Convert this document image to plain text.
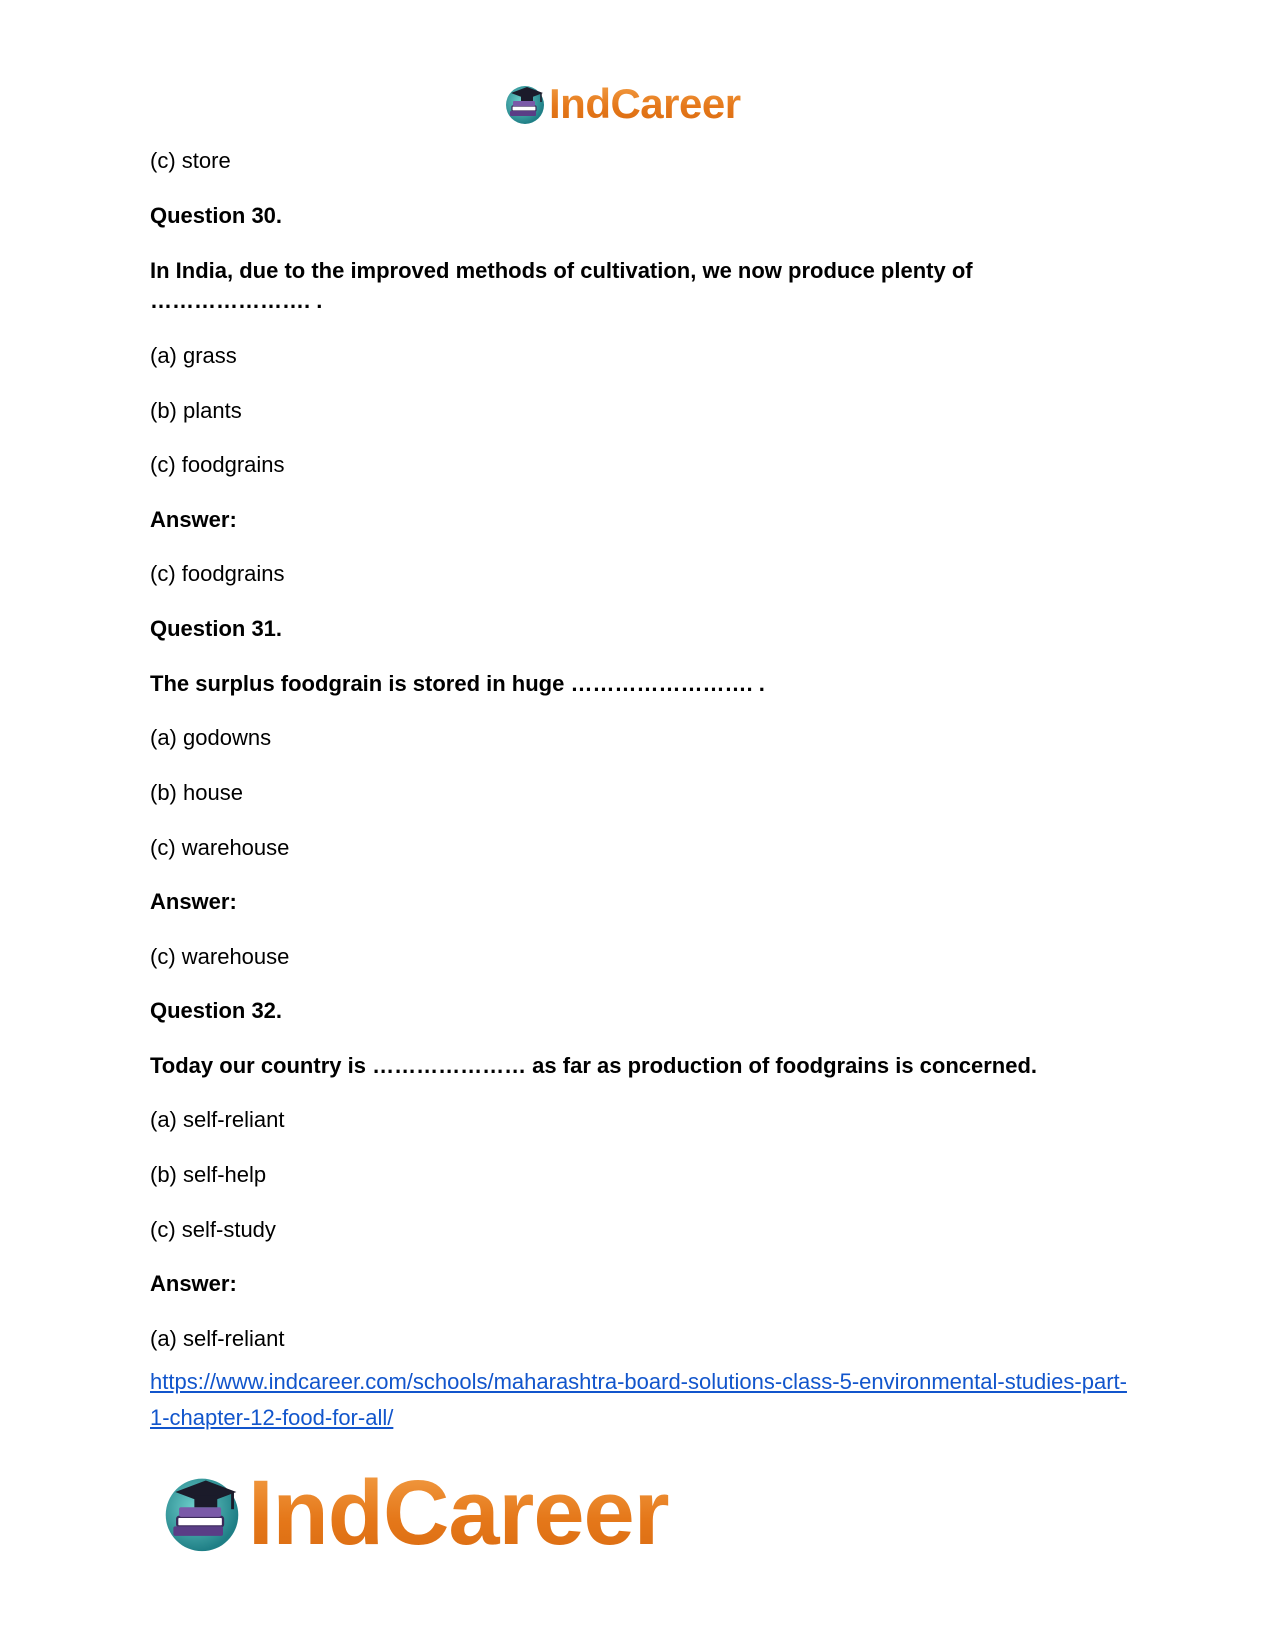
IndCareer
(c) store
Question 30.
In India, due to the improved methods of cultivation, we now produce plenty of …………………. .
(a) grass
(b) plants
(c) foodgrains
Answer:
(c) foodgrains
Question 31.
The surplus foodgrain is stored in huge ……………………. .
(a) godowns
(b) house
(c) warehouse
Answer:
(c) warehouse
Question 32.
Today our country is ………………… as far as production of foodgrains is concerned.
(a) self-reliant
(b) self-help
(c) self-study
Answer:
(a) self-reliant
https://www.indcareer.com/schools/maharashtra-board-solutions-class-5-environmental-studies-part-1-chapter-12-food-for-all/
IndCareer
